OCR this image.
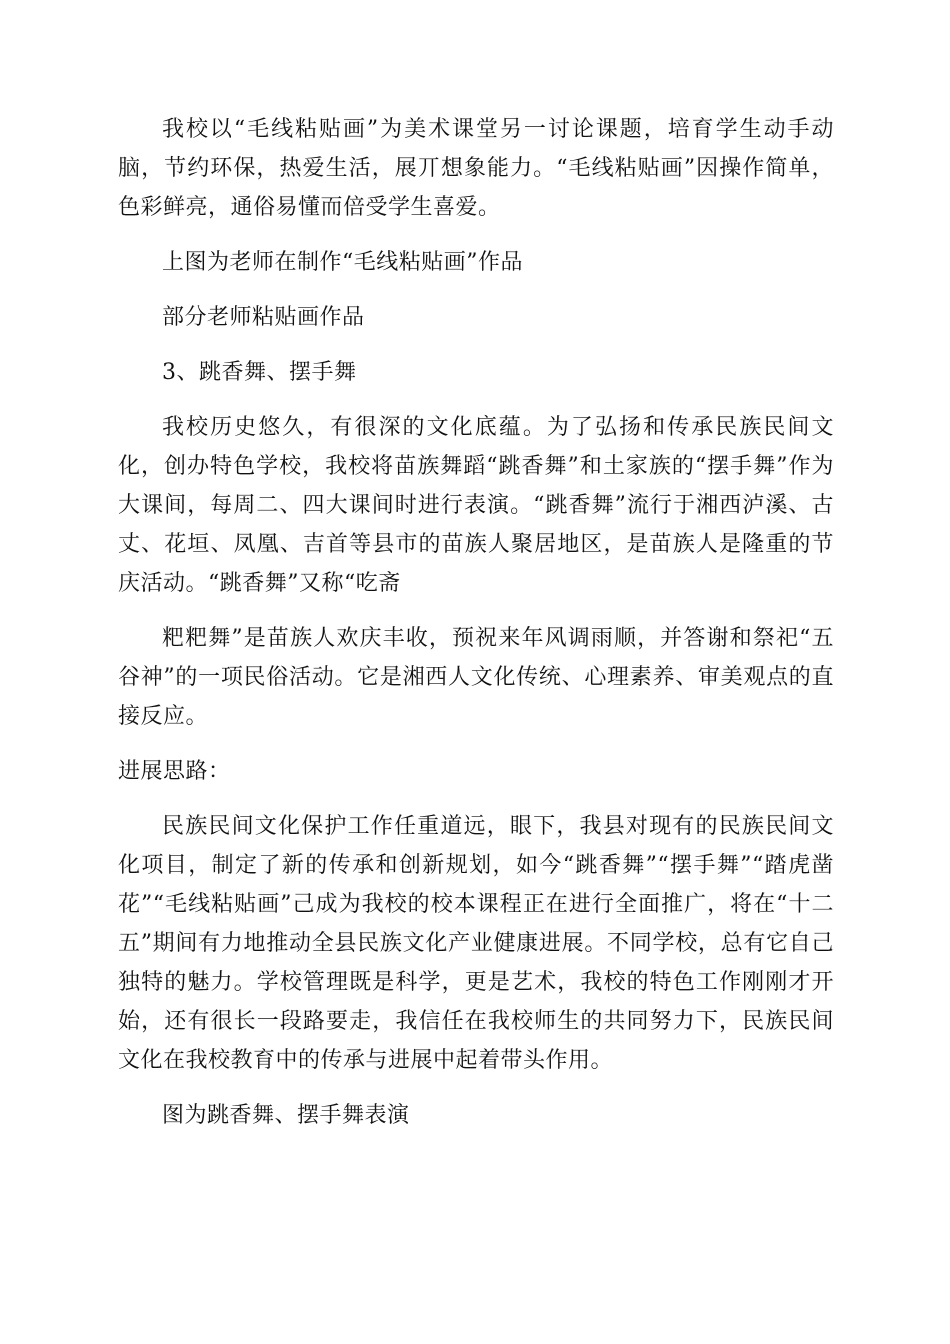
我校以“毛线粘贴画”为美术课堂另一讨论课题，培育学生动手动脑，节约环保，热爱生活，展丌想象能力。“毛线粘贴画”因操作简单，色彩鲜亮，通俗易懂而倍受学生喜爱。

上图为老师在制作“毛线粘贴画”作品

部分老师粘贴画作品

3、跳香舞、摆手舞

我校历史悠久，有很深的文化底蕴。为了弘扬和传承民族民间文化，创办特色学校，我校将苗族舞蹈“跳香舞”和土家族的“摆手舞”作为大课间，每周二、四大课间时进行表演。“跳香舞”流行于湘西泸溪、古丈、花垣、凤凰、吉首等县市的苗族人聚居地区，是苗族人是隆重的节庆活动。“跳香舞”又称“吃斋

粑粑舞”是苗族人欢庆丰收，预祝来年风调雨顺，并答谢和祭祀“五谷神”的一项民俗活动。它是湘西人文化传统、心理素养、审美观点的直接反应。

进展思路：

民族民间文化保护工作任重道远，眼下，我县对现有的民族民间文化项目，制定了新的传承和创新规划，如今“跳香舞”“摆手舞”“踏虎凿花”“毛线粘贴画”己成为我校的校本课程正在进行全面推广，将在“十二五”期间有力地推动全县民族文化产业健康进展。不同学校，总有它自己独特的魅力。学校管理既是科学，更是艺术，我校的特色工作刚刚才开始，还有很长一段路要走，我信任在我校师生的共同努力下，民族民间文化在我校教育中的传承与进展中起着带头作用。

图为跳香舞、摆手舞表演
